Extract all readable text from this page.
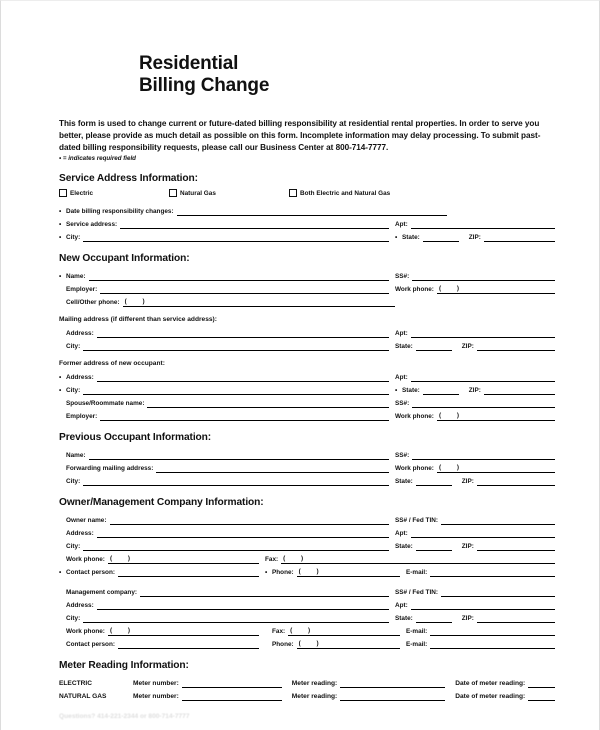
Residential
Billing Change
This form is used to change current or future-dated billing responsibility at residential rental properties. In order to serve you better, please provide as much detail as possible on this form. Incomplete information may delay processing. To submit past-dated billing responsibility requests, please call our Business Center at 800-714-7777.
• = indicates required field
Service Address Information:
Electric	Natural Gas	Both Electric and Natural Gas
• Date billing responsibility changes:
• Service address:	Apt:
• City:	• State:	ZIP:
New Occupant Information:
• Name:	SS#:
Employer:	Work phone: ( )
Cell/Other phone: ( )
Mailing address (if different than service address):
Address:	Apt:
City:	State:	ZIP:
Former address of new occupant:
• Address:	Apt:
• City:	• State:	ZIP:
Spouse/Roommate name:	SS#:
Employer:	Work phone: ( )
Previous Occupant Information:
Name:	SS#:
Forwarding mailing address:	Work phone: ( )
City:	State:	ZIP:
Owner/Management Company Information:
Owner name:	SS# / Fed TIN:
Address:	Apt:
City:	State:	ZIP:
Work phone: ( )	Fax: ( )
• Contact person:	• Phone: ( )	E-mail:
Management company:	SS# / Fed TIN:
Address:	Apt:
City:	State:	ZIP:
Work phone: ( )	Fax: ( )	E-mail:
Contact person:	Phone: ( )	E-mail:
Meter Reading Information:
ELECTRIC	Meter number:	Meter reading:	Date of meter reading:
NATURAL GAS	Meter number:	Meter reading:	Date of meter reading:
Questions? 414-221-2344 or 800-714-7777
